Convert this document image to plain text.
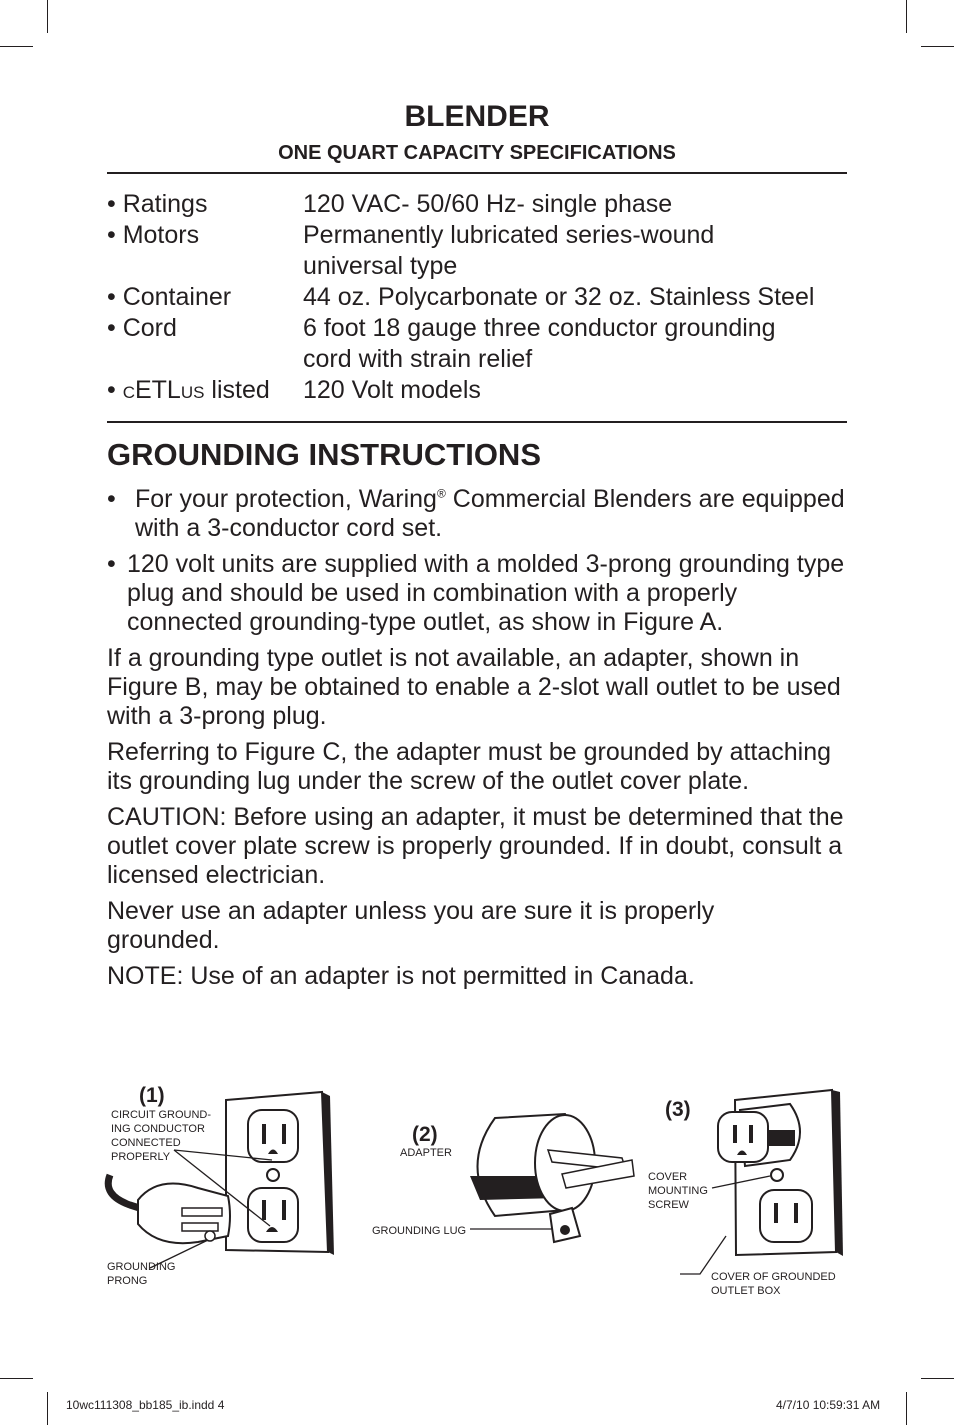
BLENDER
ONE QUART CAPACITY SPECIFICATIONS
• Ratings	120 VAC- 50/60 Hz- single phase
• Motors	Permanently lubricated series-wound universal type
• Container	44 oz. Polycarbonate or 32 oz. Stainless Steel
• Cord	6 foot 18 gauge three conductor grounding cord with strain relief
• CETLUS listed	120 Volt models
GROUNDING INSTRUCTIONS
• For your protection, Waring® Commercial Blenders are equipped with a 3-conductor cord set.
• 120 volt units are supplied with a molded 3-prong grounding type plug and should be used in combination with a properly connected grounding-type outlet, as show in Figure A.

If a grounding type outlet is not available, an adapter, shown in Figure B, may be obtained to enable a 2-slot wall outlet to be used with a 3-prong plug.

Referring to Figure C, the adapter must be grounded by attaching its grounding lug under the screw of the outlet cover plate.

CAUTION: Before using an adapter, it must be determined that the outlet cover plate screw is properly grounded. If in doubt, consult a licensed electrician.

Never use an adapter unless you are sure it is properly grounded.

NOTE: Use of an adapter is not permitted in Canada.

(1)
CIRCUIT GROUND-
ING CONDUCTOR
CONNECTED
PROPERLY
GROUNDING
PRONG
(2)
ADAPTER
GROUNDING LUG
(3)
COVER
MOUNTING
SCREW
COVER OF GROUNDED
OUTLET BOX
10wc111308_bb185_ib.indd 4	4/7/10 10:59:31 AM
